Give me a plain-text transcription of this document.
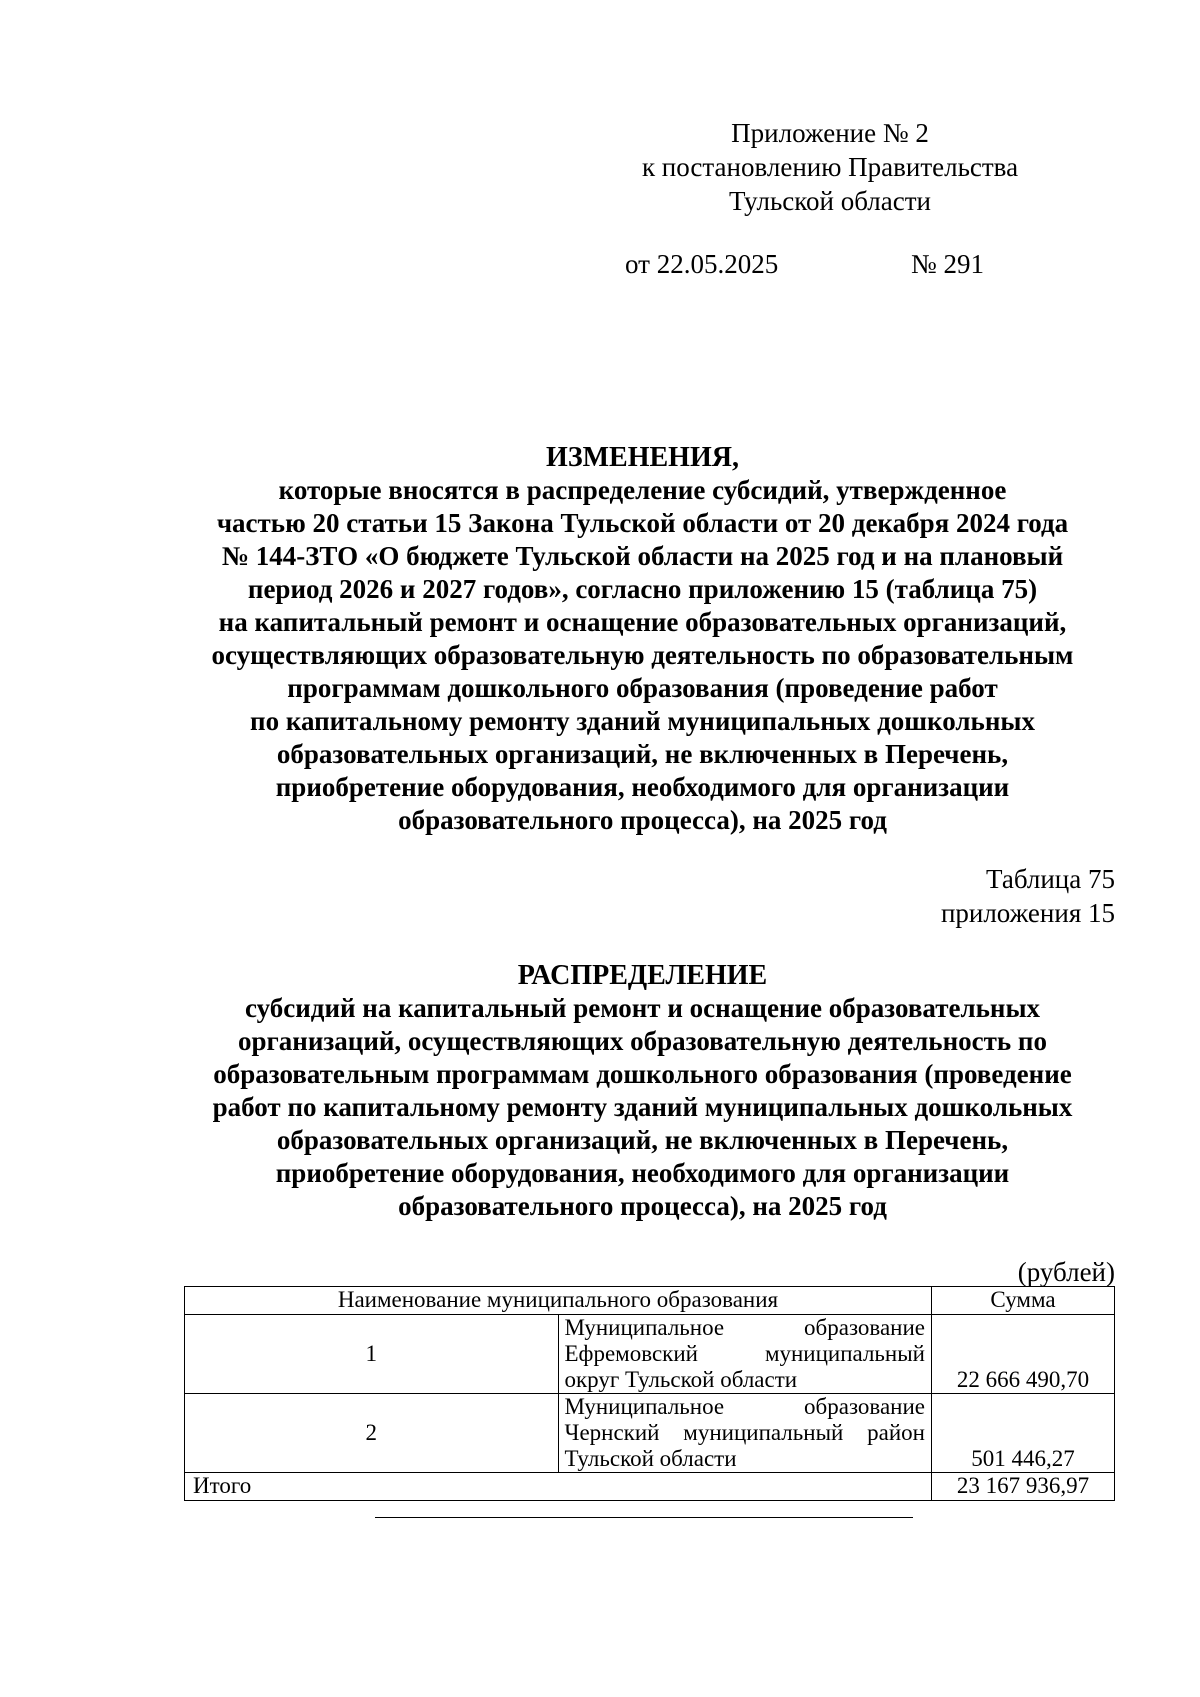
Приложение № 2
к постановлению Правительства
Тульской области
от 22.05.2025	№ 291
ИЗМЕНЕНИЯ,
которые вносятся в распределение субсидий, утвержденное
частью 20 статьи 15 Закона Тульской области от 20 декабря 2024 года
№ 144-ЗТО «О бюджете Тульской области на 2025 год и на плановый
период 2026 и 2027 годов», согласно приложению 15 (таблица 75)
на капитальный ремонт и оснащение образовательных организаций,
осуществляющих образовательную деятельность по образовательным
программам дошкольного образования (проведение работ
по капитальному ремонту зданий муниципальных дошкольных
образовательных организаций, не включенных в Перечень,
приобретение оборудования, необходимого для организации
образовательного процесса), на 2025 год
Таблица 75
приложения 15
РАСПРЕДЕЛЕНИЕ
субсидий на капитальный ремонт и оснащение образовательных
организаций, осуществляющих образовательную деятельность по
образовательным программам дошкольного образования (проведение
работ по капитальному ремонту зданий муниципальных дошкольных
образовательных организаций, не включенных в Перечень,
приобретение оборудования, необходимого для организации
образовательного процесса), на 2025 год
(рублей)
Наименование муниципального образования		Сумма
1	Муниципальное образование Ефремовский муниципальный
округ Тульской области	22 666 490,70
2	Муниципальное образование Чернский муниципальный район
Тульской области	501 446,27
Итого		23 167 936,97
